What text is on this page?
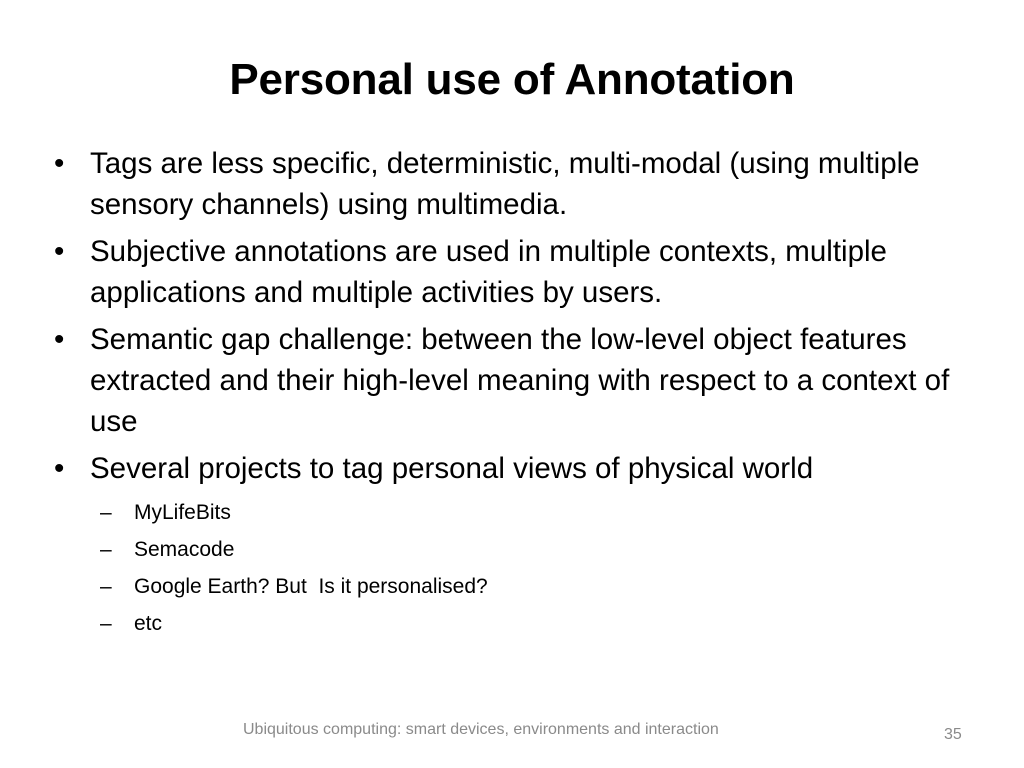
Personal use of Annotation
• Tags are less specific, deterministic, multi-modal (using multiple sensory channels) using multimedia.
• Subjective annotations are used in multiple contexts, multiple applications and multiple activities by users.
• Semantic gap challenge: between the low-level object features extracted and their high-level meaning with respect to a context of use
• Several projects to tag personal views of physical world
– MyLifeBits
– Semacode
– Google Earth? But  Is it personalised?
– etc
Ubiquitous computing: smart devices, environments and interaction	35
